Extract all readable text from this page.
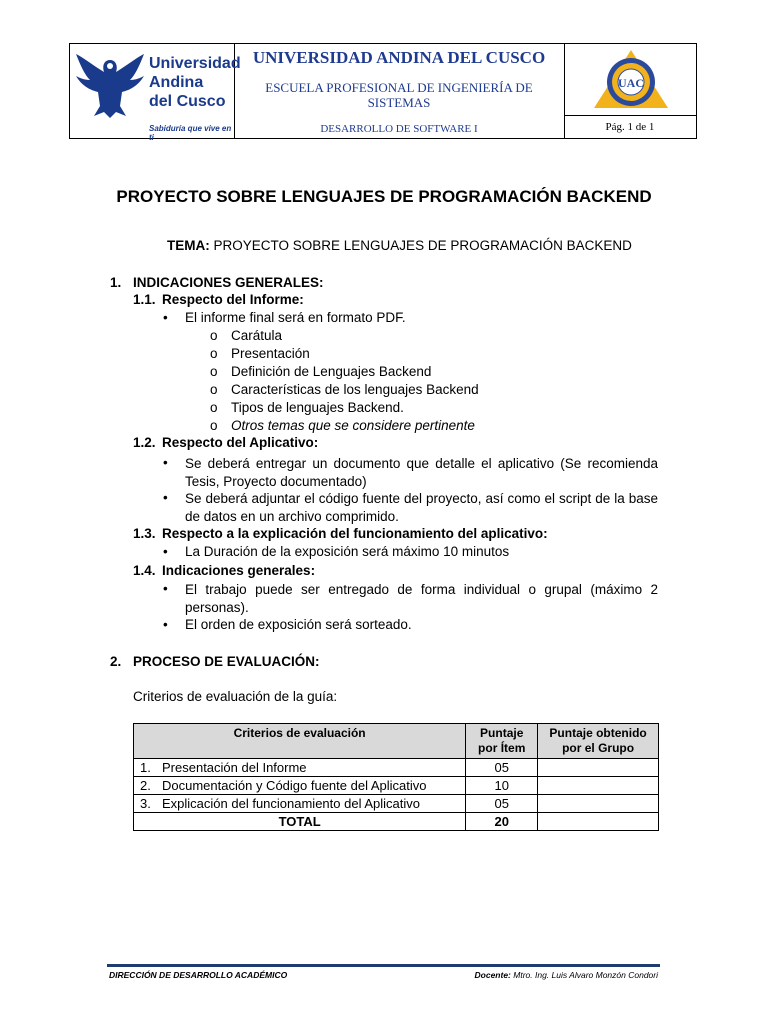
Universidad
Andina
del Cusco
Sabiduría que vive en ti
UNIVERSIDAD ANDINA DEL CUSCO
ESCUELA PROFESIONAL DE INGENIERÍA DE SISTEMAS
DESARROLLO DE SOFTWARE I
UAC
Pág. 1 de 1
PROYECTO SOBRE LENGUAJES DE PROGRAMACIÓN BACKEND
TEMA: PROYECTO SOBRE LENGUAJES DE PROGRAMACIÓN BACKEND
1. INDICACIONES GENERALES:
1.1. Respecto del Informe:
• El informe final será en formato PDF.
o Carátula
o Presentación
o Definición de Lenguajes Backend
o Características de los lenguajes Backend
o Tipos de lenguajes Backend.
o Otros temas que se considere pertinente
1.2. Respecto del Aplicativo:
• Se deberá entregar un documento que detalle el aplicativo (Se recomienda Tesis, Proyecto documentado)
• Se deberá adjuntar el código fuente del proyecto, así como el script de la base de datos en un archivo comprimido.
1.3. Respecto a la explicación del funcionamiento del aplicativo:
• La Duración de la exposición será máximo 10 minutos
1.4. Indicaciones generales:
• El trabajo puede ser entregado de forma individual o grupal (máximo 2 personas).
• El orden de exposición será sorteado.
2. PROCESO DE EVALUACIÓN:
Criterios de evaluación de la guía:
Criterios de evaluación	Puntaje por Ítem	Puntaje obtenido por el Grupo
1. Presentación del Informe	05	
2. Documentación y Código fuente del Aplicativo	10	
3. Explicación del funcionamiento del Aplicativo	05	
TOTAL	20	
DIRECCIÓN DE DESARROLLO ACADÉMICO	Docente: Mtro. Ing. Luis Alvaro Monzón Condori
